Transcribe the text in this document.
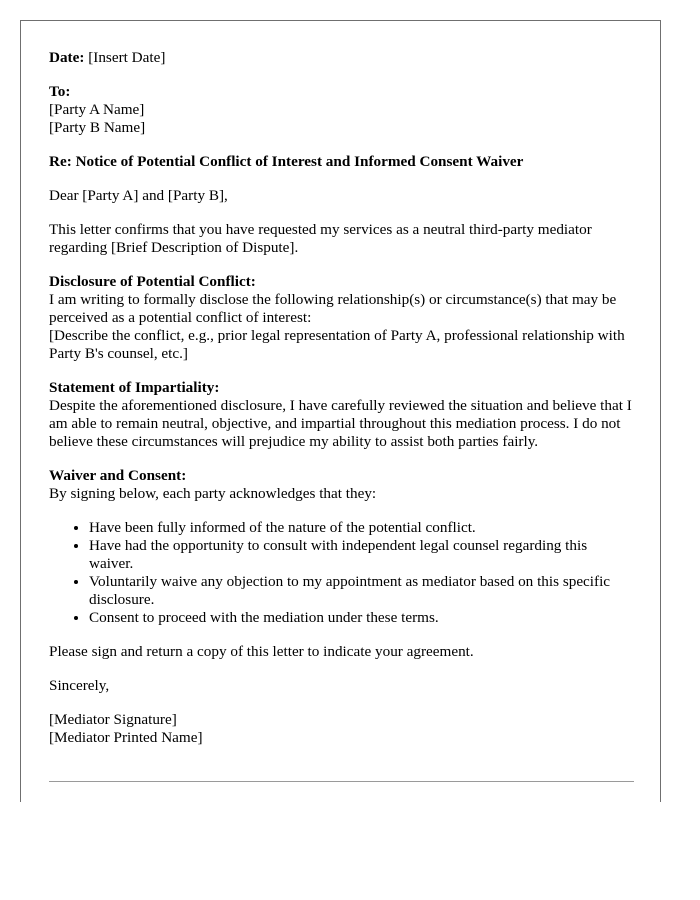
Date: [Insert Date]

To:
[Party A Name]
[Party B Name]

Re: Notice of Potential Conflict of Interest and Informed Consent Waiver

Dear [Party A] and [Party B],

This letter confirms that you have requested my services as a neutral third-party mediator regarding [Brief Description of Dispute].

Disclosure of Potential Conflict:
I am writing to formally disclose the following relationship(s) or circumstance(s) that may be perceived as a potential conflict of interest:
[Describe the conflict, e.g., prior legal representation of Party A, professional relationship with Party B's counsel, etc.]

Statement of Impartiality:
Despite the aforementioned disclosure, I have carefully reviewed the situation and believe that I am able to remain neutral, objective, and impartial throughout this mediation process. I do not believe these circumstances will prejudice my ability to assist both parties fairly.

Waiver and Consent:
By signing below, each party acknowledges that they:

• Have been fully informed of the nature of the potential conflict.
• Have had the opportunity to consult with independent legal counsel regarding this waiver.
• Voluntarily waive any objection to my appointment as mediator based on this specific disclosure.
• Consent to proceed with the mediation under these terms.

Please sign and return a copy of this letter to indicate your agreement.

Sincerely,

[Mediator Signature]
[Mediator Printed Name]
